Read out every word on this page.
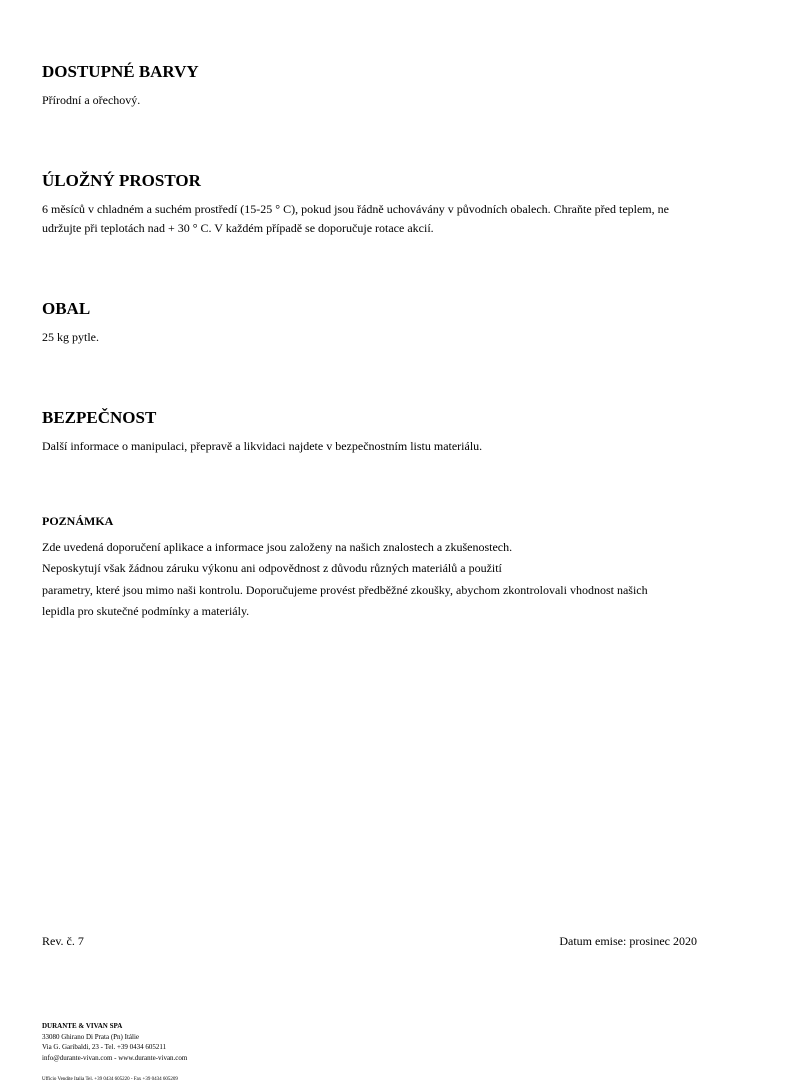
DOSTUPNÉ BARVY
Přírodní a ořechový.
ÚLOŽNÝ PROSTOR
6 měsíců v chladném a suchém prostředí (15-25 ° C), pokud jsou řádně uchovávány v původních obalech. Chraňte před teplem, ne
udržujte při teplotách nad + 30 ° C. V každém případě se doporučuje rotace akcií.
OBAL
25 kg pytle.
BEZPEČNOST
Další informace o manipulaci, přepravě a likvidaci najdete v bezpečnostním listu materiálu.
POZNÁMKA
Zde uvedená doporučení aplikace a informace jsou založeny na našich znalostech a zkušenostech.
Neposkytují však žádnou záruku výkonu ani odpovědnost z důvodu různých materiálů a použití
parametry, které jsou mimo naši kontrolu. Doporučujeme provést předběžné zkoušky, abychom zkontrolovali vhodnost našich
lepidla pro skutečné podmínky a materiály.
Rev. č. 7	Datum emise: prosinec 2020
DURANTE & VIVAN SPA
33080 Ghirano Di Prata (Pn) Itálie
Via G. Garibaldi, 23 - Tel. +39 0434 605211
info@durante-vivan.com - www.durante-vivan.com
Ufficio Vendite Italia Tel. +39 0434 605220 - Fax +39 0434 605209
